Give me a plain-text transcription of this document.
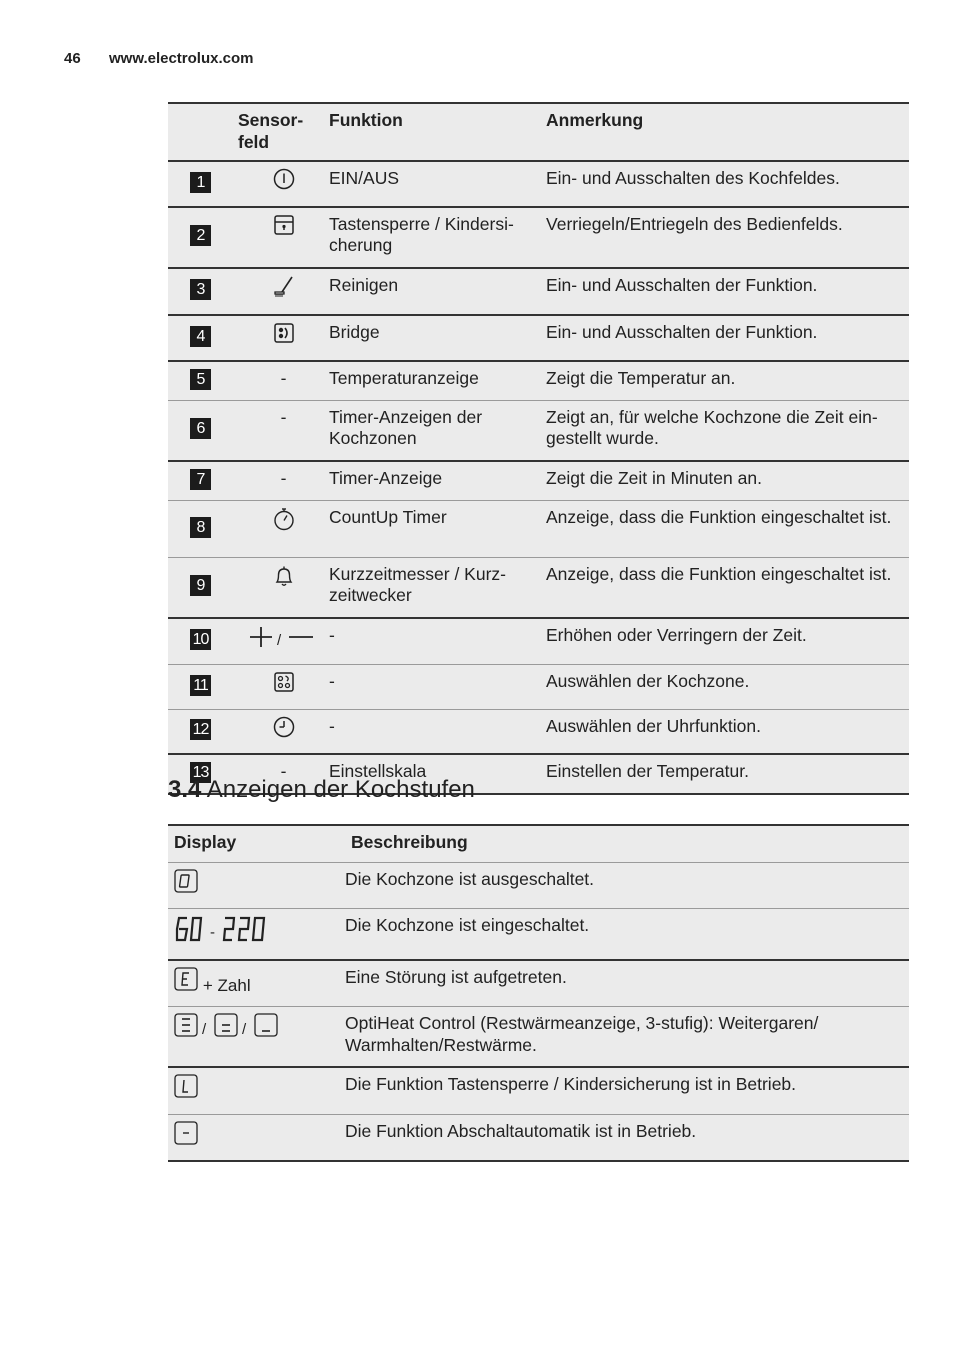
46 www.electrolux.com
	Sensor-
feld	Funktion	Anmerkung
1		EIN/AUS	Ein- und Ausschalten des Kochfeldes.
2		Tastensperre / Kindersi-cherung	Verriegeln/Entriegeln des Bedienfelds.
3		Reinigen	Ein- und Ausschalten der Funktion.
4		Bridge	Ein- und Ausschalten der Funktion.
5	-	Temperaturanzeige	Zeigt die Temperatur an.
6	-	Timer-Anzeigen der Kochzonen	Zeigt an, für welche Kochzone die Zeit ein-gestellt wurde.
7	-	Timer-Anzeige	Zeigt die Zeit in Minuten an.
8		CountUp Timer	Anzeige, dass die Funktion eingeschaltet ist.
9		Kurzzeitmesser / Kurz-zeitwecker	Anzeige, dass die Funktion eingeschaltet ist.
10	/	-	Erhöhen oder Verringern der Zeit.
11		-	Auswählen der Kochzone.
12		-	Auswählen der Uhrfunktion.
13	-	Einstellskala	Einstellen der Temperatur.
3.4 Anzeigen der Kochstufen
Display	Beschreibung
	Die Kochzone ist ausgeschaltet.

-	Die Kochzone ist eingeschaltet.
+ Zahl	Eine Störung ist aufgetreten.

/ /	OptiHeat Control (Restwärmeanzeige, 3-stufig): Weitergaren/ Warmhalten/Restwärme.
	Die Funktion Tastensperre / Kindersicherung ist in Betrieb.
	Die Funktion Abschaltautomatik ist in Betrieb.
